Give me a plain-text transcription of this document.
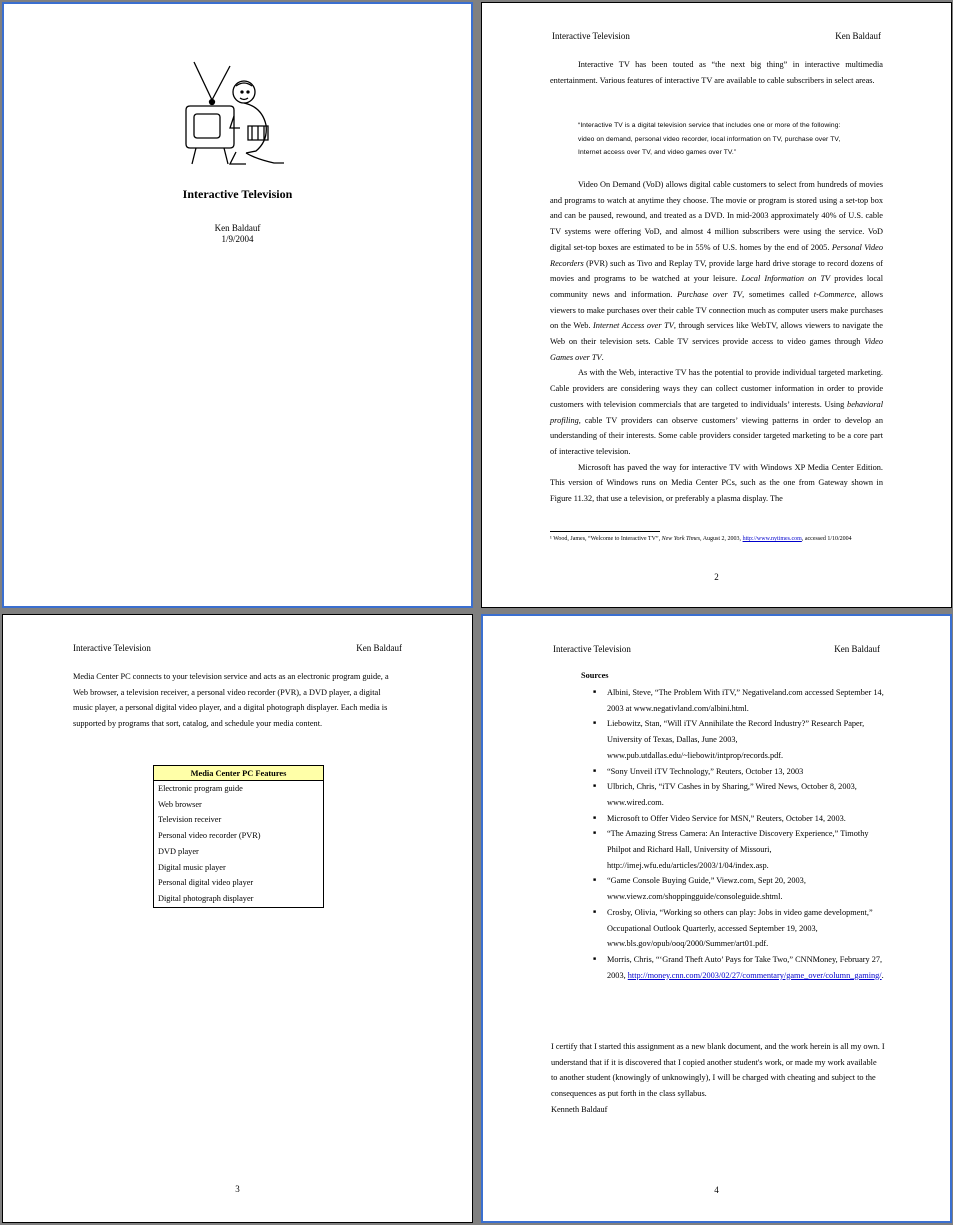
Interactive Television
Ken Baldauf
1/9/2004
Interactive Television	Ken Baldauf

Interactive TV has been touted as “the next big thing” in interactive multimedia entertainment. Various features of interactive TV are available to cable subscribers in select areas.

“Interactive TV is a digital television service that includes one or more of the following: video on demand, personal video recorder, local information on TV, purchase over TV, Internet access over TV, and video games over TV.”

Video On Demand (VoD) allows digital cable customers to select from hundreds of movies and programs to watch at anytime they choose. The movie or program is stored using a set-top box and can be paused, rewound, and treated as a DVD. In mid-2003 approximately 40% of U.S. cable TV systems were offering VoD, and almost 4 million subscribers were using the service. VoD digital set-top boxes are estimated to be in 55% of U.S. homes by the end of 2005. Personal Video Recorders (PVR) such as Tivo and Replay TV, provide large hard drive storage to record dozens of movies and programs to be watched at your leisure. Local Information on TV provides local community news and information. Purchase over TV, sometimes called t-Commerce, allows viewers to make purchases over their cable TV connection much as computer users make purchases on the Web. Internet Access over TV, through services like WebTV, allows viewers to navigate the Web on their television sets. Cable TV services provide access to video games through Video Games over TV.

As with the Web, interactive TV has the potential to provide individual targeted marketing. Cable providers are considering ways they can collect customer information in order to provide customers with television commercials that are targeted to individuals’ interests. Using behavioral profiling, cable TV providers can observe customers’ viewing patterns in order to develop an understanding of their interests. Some cable providers consider targeted marketing to be a core part of interactive television.

Microsoft has paved the way for interactive TV with Windows XP Media Center Edition. This version of Windows runs on Media Center PCs, such as the one from Gateway shown in Figure 11.32, that use a television, or preferably a plasma display. The

¹ Wood, James, “Welcome to Interactive TV”, New York Times, August 2, 2003, http://www.nytimes.com, accessed 1/10/2004
2
Interactive Television	Ken Baldauf
Media Center PC connects to your television service and acts as an electronic program guide, a Web browser, a television receiver, a personal video recorder (PVR), a DVD player, a digital music player, a personal digital video player, and a digital photograph displayer. Each media is supported by programs that sort, catalog, and schedule your media content.
Media Center PC Features
Electronic program guide
Web browser
Television receiver
Personal video recorder (PVR)
DVD player
Digital music player
Personal digital video player
Digital photograph displayer
3
Interactive Television	Ken Baldauf
Sources
■ Albini, Steve, “The Problem With iTV,” Negativeland.com accessed September 14, 2003 at www.negativland.com/albini.html.
■ Liebowitz, Stan, “Will iTV Annihilate the Record Industry?” Research Paper, University of Texas, Dallas, June 2003, www.pub.utdallas.edu/~liebowit/intprop/records.pdf.
■ “Sony Unveil iTV Technology,” Reuters, October 13, 2003
■ Ulbrich, Chris, “iTV Cashes in by Sharing,” Wired News, October 8, 2003, www.wired.com.
■ Microsoft to Offer Video Service for MSN,” Reuters, October 14, 2003.
■ “The Amazing Stress Camera: An Interactive Discovery Experience,” Timothy Philpot and Richard Hall, University of Missouri, http://imej.wfu.edu/articles/2003/1/04/index.asp.
■ “Game Console Buying Guide,” Viewz.com, Sept 20, 2003, www.viewz.com/shoppingguide/consoleguide.shtml.
■ Crosby, Olivia, “Working so others can play: Jobs in video game development,” Occupational Outlook Quarterly, accessed September 19, 2003, www.bls.gov/opub/ooq/2000/Summer/art01.pdf.
■ Morris, Chris, “‘Grand Theft Auto’ Pays for Take Two,” CNNMoney, February 27, 2003, http://money.cnn.com/2003/02/27/commentary/game_over/column_gaming/.

I certify that I started this assignment as a new blank document, and the work herein is all my own. I understand that if it is discovered that I copied another student's work, or made my work available to another student (knowingly of unknowingly), I will be charged with cheating and subject to the consequences as put forth in the class syllabus.

Kenneth Baldauf

4
